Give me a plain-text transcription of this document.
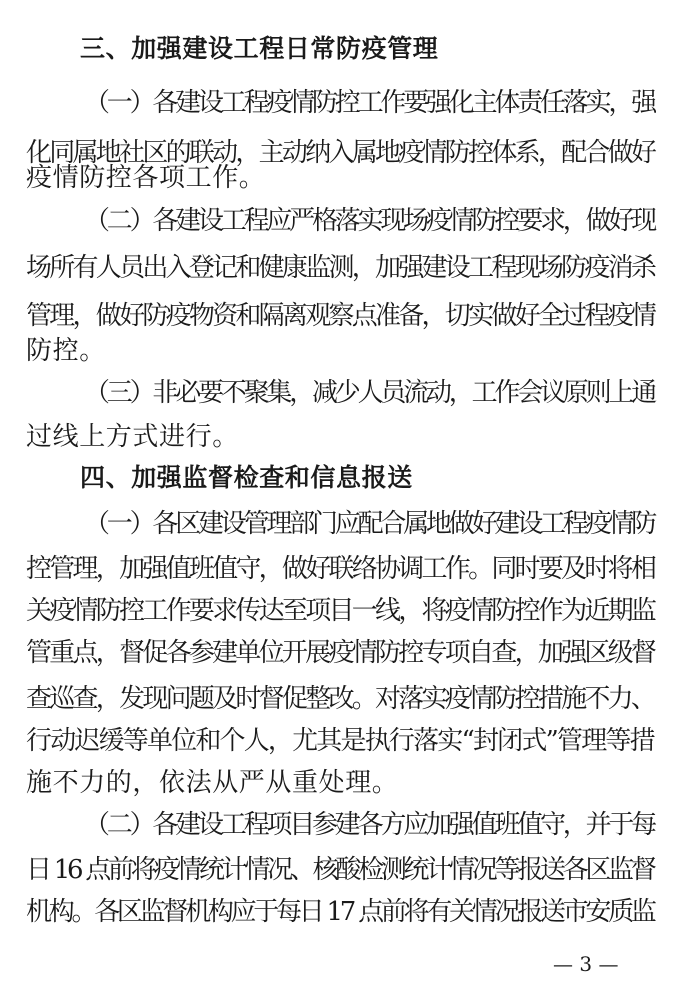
三、加强建设工程日常防疫管理
（一）各建设工程疫情防控工作要强化主体责任落实，强
化同属地社区的联动，主动纳入属地疫情防控体系，配合做好
疫情防控各项工作。
（二）各建设工程应严格落实现场疫情防控要求，做好现
场所有人员出入登记和健康监测，加强建设工程现场防疫消杀
管理，做好防疫物资和隔离观察点准备，切实做好全过程疫情
防控。
（三）非必要不聚集，减少人员流动，工作会议原则上通
过线上方式进行。
四、加强监督检查和信息报送
（一）各区建设管理部门应配合属地做好建设工程疫情防
控管理，加强值班值守，做好联络协调工作。同时要及时将相
关疫情防控工作要求传达至项目一线，将疫情防控作为近期监
管重点，督促各参建单位开展疫情防控专项自查，加强区级督
查巡查，发现问题及时督促整改。对落实疫情防控措施不力、
行动迟缓等单位和个人，尤其是执行落实“封闭式”管理等措
施不力的，依法从严从重处理。
（二）各建设工程项目参建各方应加强值班值守，并于每
日 16 点前将疫情统计情况、核酸检测统计情况等报送各区监督
机构。各区监督机构应于每日 17 点前将有关情况报送市安质监
— 3 —
